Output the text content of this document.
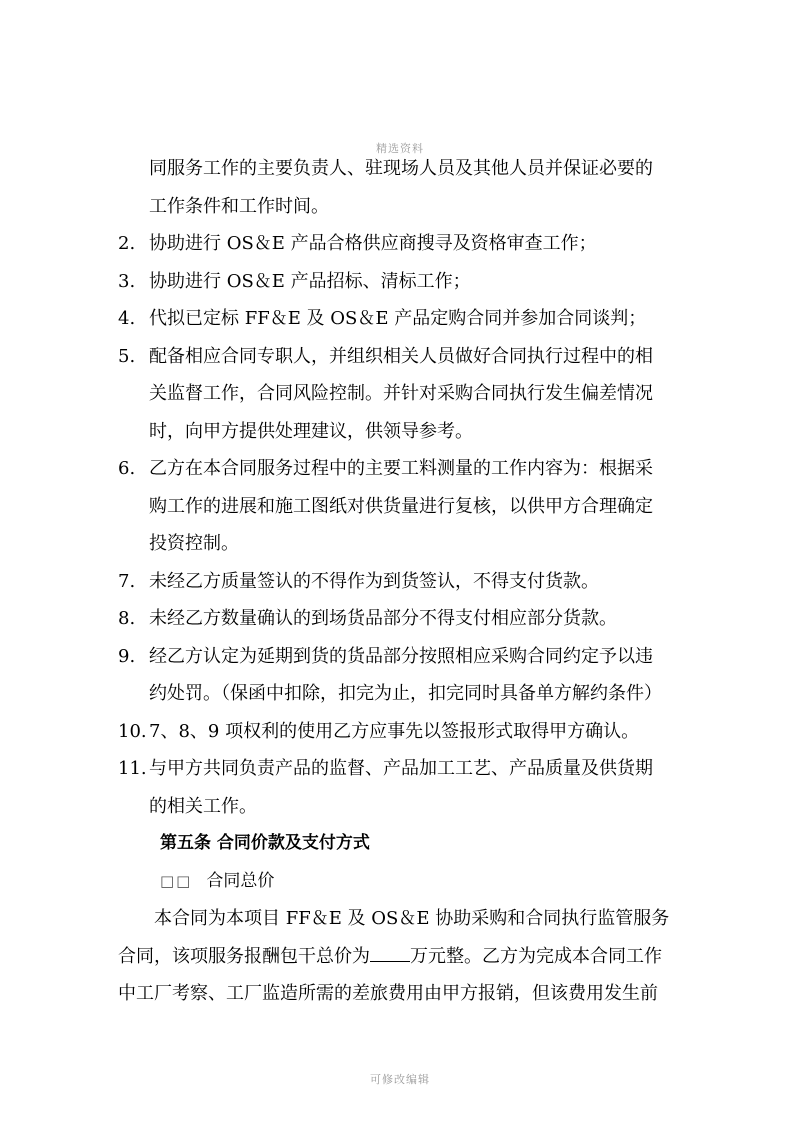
精选资料
同服务工作的主要负责人、驻现场人员及其他人员并保证必要的
工作条件和工作时间。
2. 协助进行 OS＆E 产品合格供应商搜寻及资格审查工作；
3. 协助进行 OS＆E 产品招标、清标工作；
4. 代拟已定标 FF＆E 及 OS＆E 产品定购合同并参加合同谈判；
5. 配备相应合同专职人，并组织相关人员做好合同执行过程中的相
关监督工作，合同风险控制。并针对采购合同执行发生偏差情况
时，向甲方提供处理建议，供领导参考。
6. 乙方在本合同服务过程中的主要工料测量的工作内容为：根据采
购工作的进展和施工图纸对供货量进行复核，以供甲方合理确定
投资控制。
7. 未经乙方质量签认的不得作为到货签认，不得支付货款。
8. 未经乙方数量确认的到场货品部分不得支付相应部分货款。
9. 经乙方认定为延期到货的货品部分按照相应采购合同约定予以违
约处罚。（保函中扣除，扣完为止，扣完同时具备单方解约条件）
10. 7、8、9 项权利的使用乙方应事先以签报形式取得甲方确认。
11. 与甲方共同负责产品的监督、产品加工工艺、产品质量及供货期
的相关工作。
第五条 合同价款及支付方式
□□ 合同总价
本合同为本项目 FF＆E 及 OS＆E 协助采购和合同执行监管服务
合同，该项服务报酬包干总价为 万元整。乙方为完成本合同工作
中工厂考察、工厂监造所需的差旅费用由甲方报销，但该费用发生前
可修改编辑
